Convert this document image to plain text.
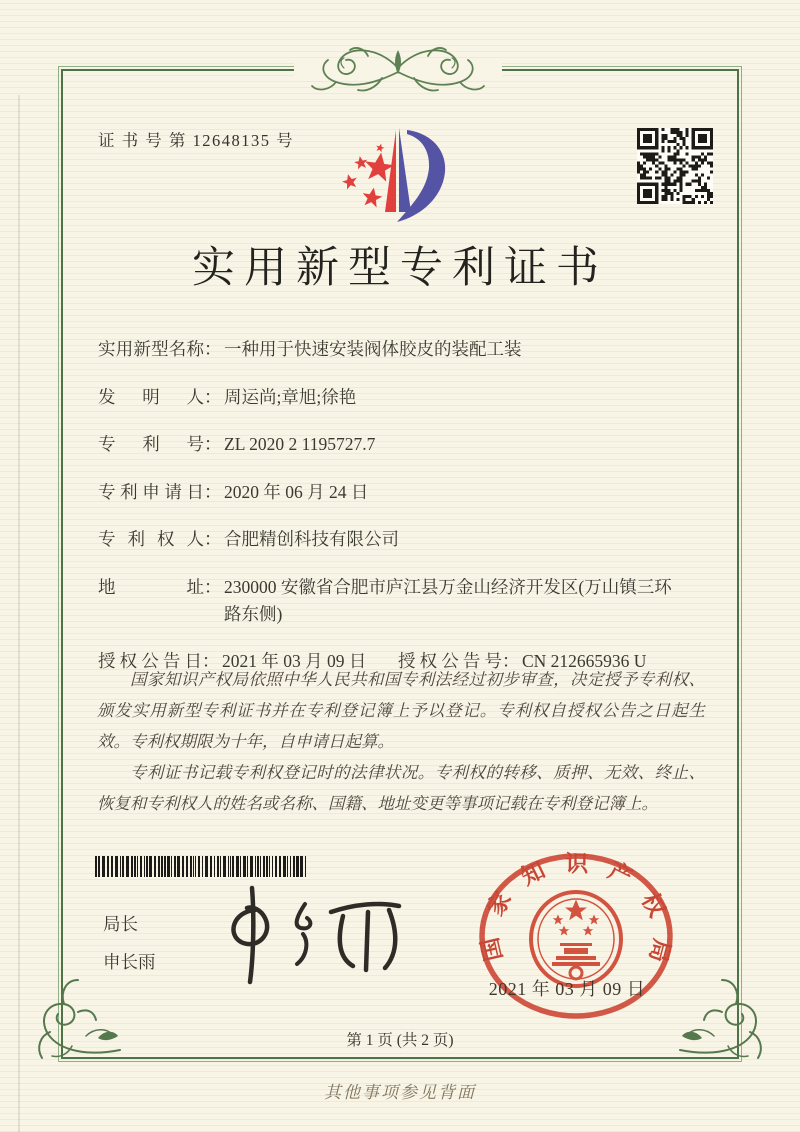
证 书 号 第 12648135 号
实用新型专利证书
实用新型名称 ： 一种用于快速安装阀体胶皮的装配工装
发明人 ： 周运尚;章旭;徐艳
专利号 ： ZL 2020 2 1195727.7
专利申请日 ： 2020 年 06 月 24 日
专利权人 ： 合肥精创科技有限公司
地址 ： 230000 安徽省合肥市庐江县万金山经济开发区(万山镇三环路东侧)
授权公告日 ： 2021 年 03 月 09 日 授权公告号 ： CN 212665936 U

国家知识产权局依照中华人民共和国专利法经过初步审查，决定授予专利权、颁发实用新型专利证书并在专利登记簿上予以登记。专利权自授权公告之日起生效。专利权期限为十年，自申请日起算。

专利证书记载专利权登记时的法律状况。专利权的转移、质押、无效、终止、恢复和专利权人的姓名或名称、国籍、地址变更等事项记载在专利登记簿上。

局长
申长雨	国家知识产权局
2021 年 03 月 09 日
第 1 页 (共 2 页)
其他事项参见背面
